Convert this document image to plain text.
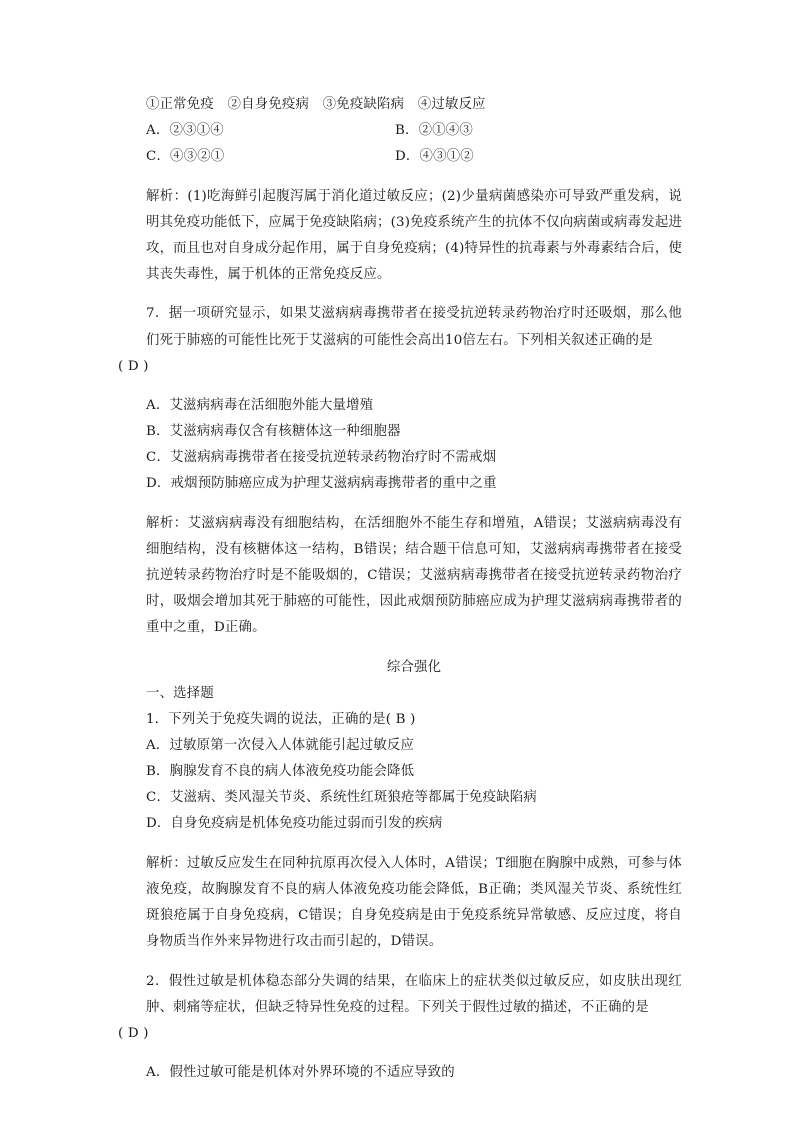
①正常免疫　②自身免疫病　③免疫缺陷病　④过敏反应

A．②③①④	B．②①④③
C．④③②①	D．④③①②

解析：(1)吃海鲜引起腹泻属于消化道过敏反应；(2)少量病菌感染亦可导致严重发病，说明其免疫功能低下，应属于免疫缺陷病；(3)免疫系统产生的抗体不仅向病菌或病毒发起进攻，而且也对自身成分起作用，属于自身免疫病；(4)特异性的抗毒素与外毒素结合后，使其丧失毒性，属于机体的正常免疫反应。

7．据一项研究显示，如果艾滋病病毒携带者在接受抗逆转录药物治疗时还吸烟，那么他们死于肺癌的可能性比死于艾滋病的可能性会高出10倍左右。下列相关叙述正确的是
( D )

A．艾滋病病毒在活细胞外能大量增殖

B．艾滋病病毒仅含有核糖体这一种细胞器

C．艾滋病病毒携带者在接受抗逆转录药物治疗时不需戒烟

D．戒烟预防肺癌应成为护理艾滋病病毒携带者的重中之重

解析：艾滋病病毒没有细胞结构，在活细胞外不能生存和增殖，A错误；艾滋病病毒没有细胞结构，没有核糖体这一结构，B错误；结合题干信息可知，艾滋病病毒携带者在接受抗逆转录药物治疗时是不能吸烟的，C错误；艾滋病病毒携带者在接受抗逆转录药物治疗时，吸烟会增加其死于肺癌的可能性，因此戒烟预防肺癌应成为护理艾滋病病毒携带者的重中之重，D正确。

综合强化

一、选择题

1．下列关于免疫失调的说法，正确的是( B )

A．过敏原第一次侵入人体就能引起过敏反应

B．胸腺发育不良的病人体液免疫功能会降低

C．艾滋病、类风湿关节炎、系统性红斑狼疮等都属于免疫缺陷病

D．自身免疫病是机体免疫功能过弱而引发的疾病

解析：过敏反应发生在同种抗原再次侵入人体时，A错误；T细胞在胸腺中成熟，可参与体液免疫，故胸腺发育不良的病人体液免疫功能会降低，B正确；类风湿关节炎、系统性红斑狼疮属于自身免疫病，C错误；自身免疫病是由于免疫系统异常敏感、反应过度，将自身物质当作外来异物进行攻击而引起的，D错误。

2．假性过敏是机体稳态部分失调的结果，在临床上的症状类似过敏反应，如皮肤出现红肿、刺痛等症状，但缺乏特异性免疫的过程。下列关于假性过敏的描述，不正确的是
( D )

A．假性过敏可能是机体对外界环境的不适应导致的
